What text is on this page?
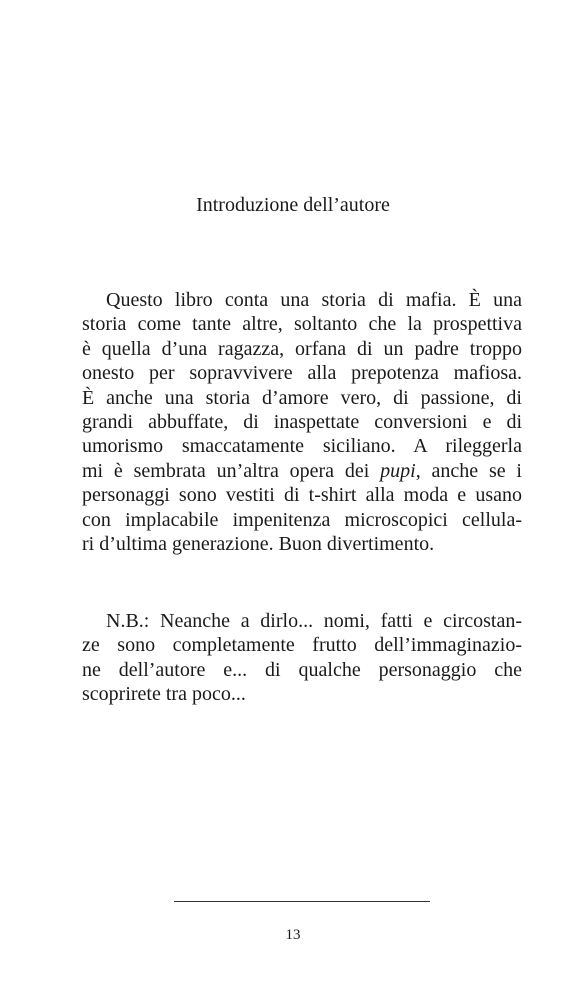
Introduzione dell’autore
Questo libro conta una storia di mafia. È una
storia come tante altre, soltanto che la prospettiva
è quella d’una ragazza, orfana di un padre troppo
onesto per sopravvivere alla prepotenza mafiosa.
È anche una storia d’amore vero, di passione, di
grandi abbuffate, di inaspettate conversioni e di
umorismo smaccatamente siciliano. A rileggerla
mi è sembrata un’altra opera dei pupi, anche se i
personaggi sono vestiti di t-shirt alla moda e usano
con implacabile impenitenza microscopici cellula-
ri d’ultima generazione. Buon divertimento.
N.B.: Neanche a dirlo... nomi, fatti e circostan-
ze sono completamente frutto dell’immaginazio-
ne dell’autore e... di qualche personaggio che
scoprirete tra poco...
13
